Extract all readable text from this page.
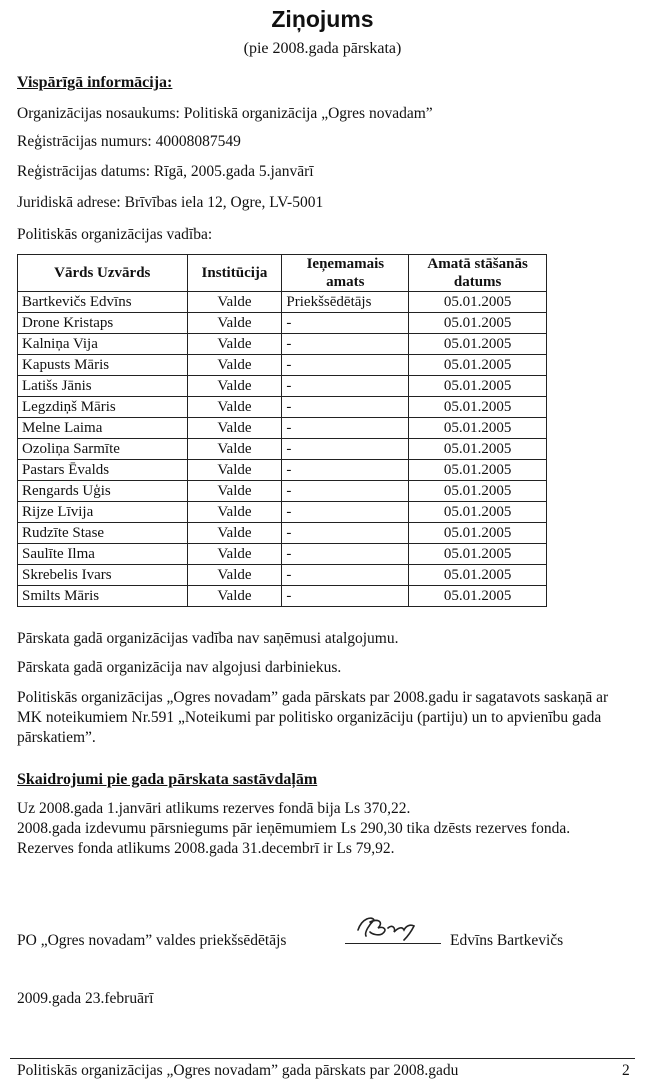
Ziņojums
(pie 2008.gada pārskata)
Vispārīgā informācija:
Organizācijas nosaukums: Politiskā organizācija „Ogres novadam”
Reģistrācijas numurs: 40008087549
Reģistrācijas datums: Rīgā, 2005.gada 5.janvārī
Juridiskā adrese: Brīvības iela 12, Ogre, LV-5001
Politiskās organizācijas vadība:
Vārds Uzvārds	Institūcija	Ieņemamais amats	Amatā stāšanās datums
Bartkevičs Edvīns	Valde	Priekšsēdētājs	05.01.2005
Drone Kristaps	Valde	-	05.01.2005
Kalniņa Vija	Valde	-	05.01.2005
Kapusts Māris	Valde	-	05.01.2005
Latišs Jānis	Valde	-	05.01.2005
Legzdiņš Māris	Valde	-	05.01.2005
Melne Laima	Valde	-	05.01.2005
Ozoliņa Sarmīte	Valde	-	05.01.2005
Pastars Ēvalds	Valde	-	05.01.2005
Rengards Uģis	Valde	-	05.01.2005
Rijze Līvija	Valde	-	05.01.2005
Rudzīte Stase	Valde	-	05.01.2005
Saulīte Ilma	Valde	-	05.01.2005
Skrebelis Ivars	Valde	-	05.01.2005
Smilts Māris	Valde	-	05.01.2005
Pārskata gadā organizācijas vadība nav saņēmusi atalgojumu.
Pārskata gadā organizācija nav algojusi darbiniekus.
Politiskās organizācijas „Ogres novadam” gada pārskats par 2008.gadu ir sagatavots saskaņā ar MK noteikumiem Nr.591 „Noteikumi par politisko organizāciju (partiju) un to apvienību gada pārskatiem”.
Skaidrojumi pie gada pārskata sastāvdaļām
Uz 2008.gada 1.janvāri atlikums rezerves fondā bija Ls 370,22.
2008.gada izdevumu pārsniegums pār ieņēmumiem Ls 290,30 tika dzēsts rezerves fonda.
Rezerves fonda atlikums 2008.gada 31.decembrī ir Ls 79,92.
PO „Ogres novadam” valdes priekšsēdētājs	Edvīns Bartkevičs
2009.gada 23.februārī
Politiskās organizācijas „Ogres novadam” gada pārskats par 2008.gadu	2
